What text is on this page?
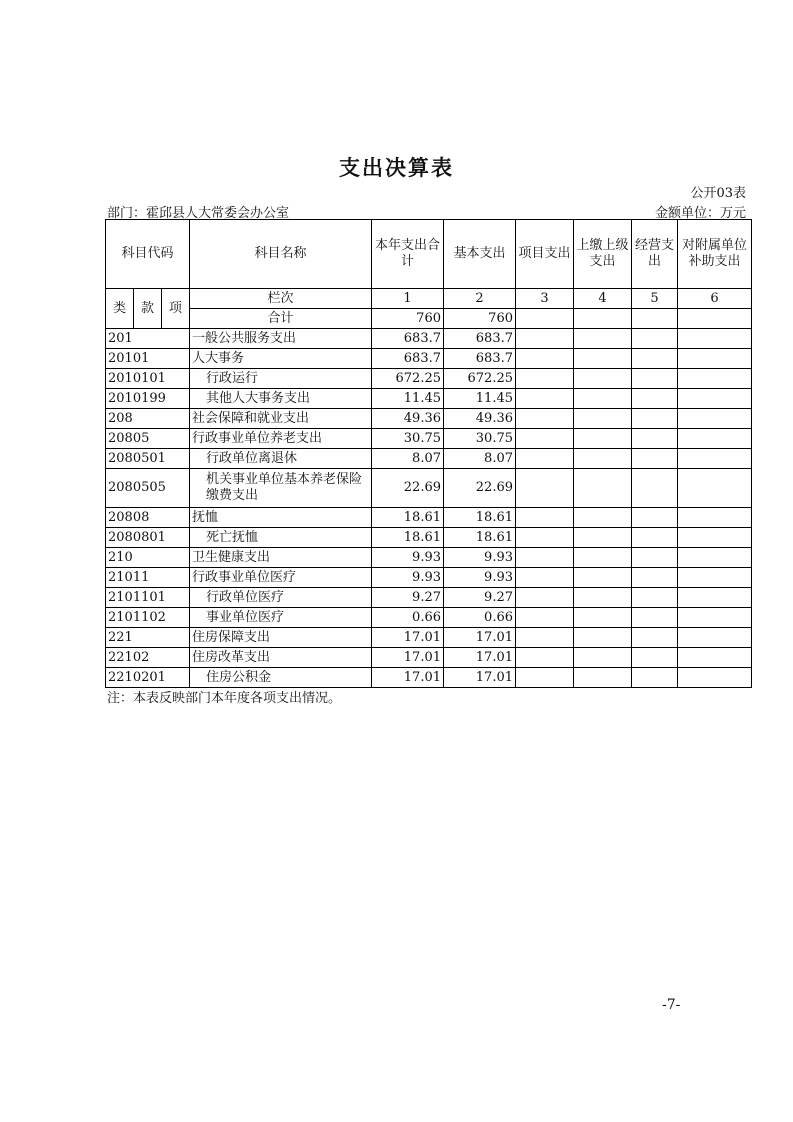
支出决算表
公开03表
部门：霍邱县人大常委会办公室	金额单位：万元
科目代码			科目名称	本年支出合计	基本支出	项目支出	上缴上级支出	经营支出	对附属单位补助支出
类	款	项	栏次	1	2	3	4	5	6
			合计	760	760				
201			一般公共服务支出	683.7	683.7				
20101			人大事务	683.7	683.7				
2010101			行政运行	672.25	672.25				
2010199			其他人大事务支出	11.45	11.45				
208			社会保障和就业支出	49.36	49.36				
20805			行政事业单位养老支出	30.75	30.75				
2080501			行政单位离退休	8.07	8.07				
2080505			机关事业单位基本养老保险缴费支出	22.69	22.69				
20808			抚恤	18.61	18.61				
2080801			死亡抚恤	18.61	18.61				
210			卫生健康支出	9.93	9.93				
21011			行政事业单位医疗	9.93	9.93				
2101101			行政单位医疗	9.27	9.27				
2101102			事业单位医疗	0.66	0.66				
221			住房保障支出	17.01	17.01				
22102			住房改革支出	17.01	17.01				
2210201			住房公积金	17.01	17.01				
注：本表反映部门本年度各项支出情况。
-7-
